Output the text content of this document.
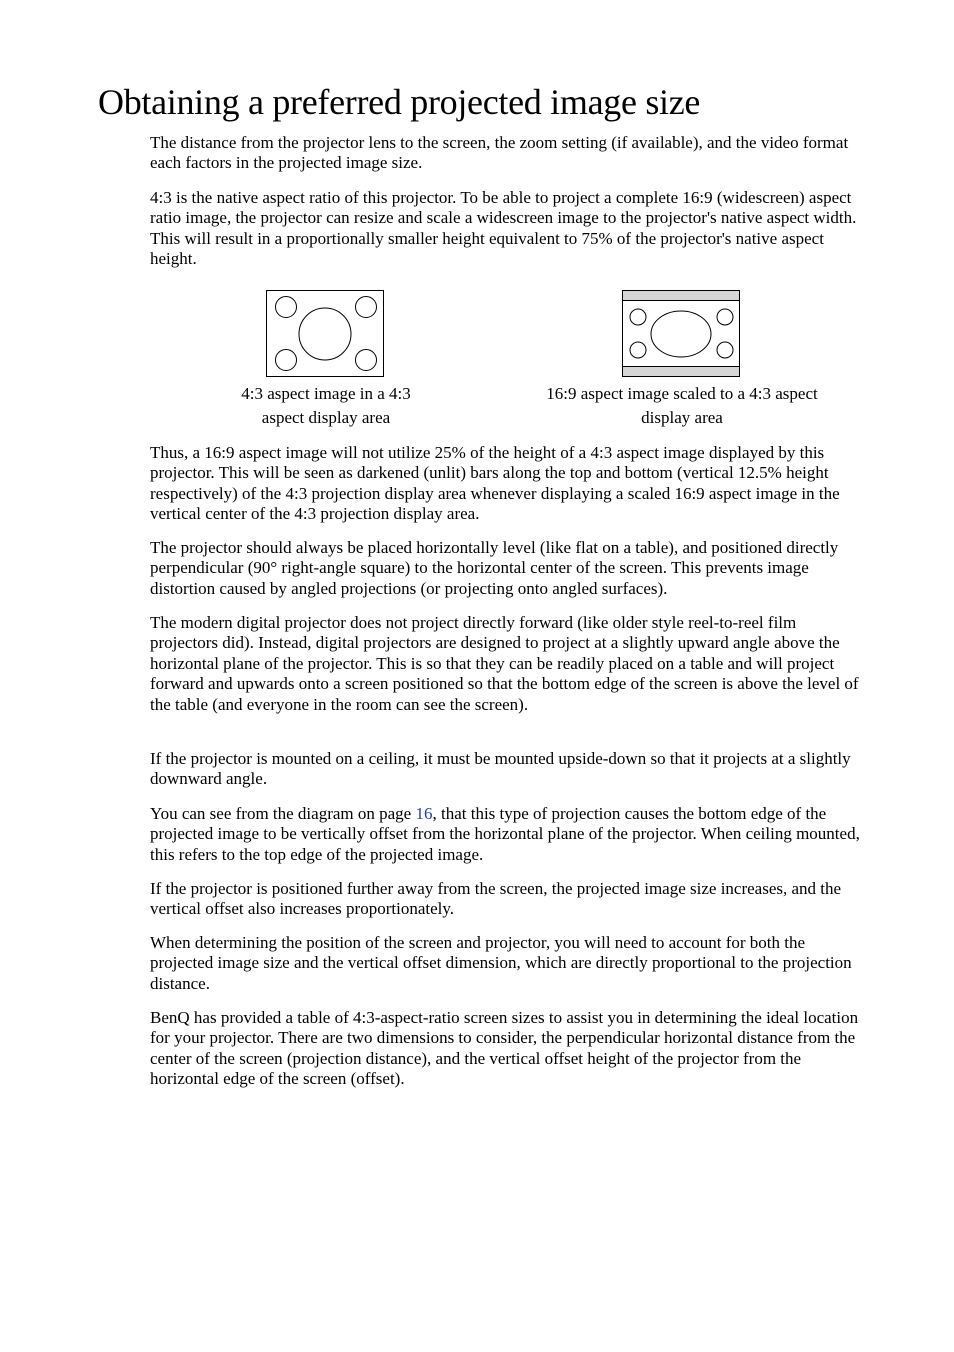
Obtaining a preferred projected image size

The distance from the projector lens to the screen, the zoom setting (if available), and the video format each factors in the projected image size.

4:3 is the native aspect ratio of this projector. To be able to project a complete 16:9 (widescreen) aspect ratio image, the projector can resize and scale a widescreen image to the projector's native aspect width. This will result in a proportionally smaller height equivalent to 75% of the projector's native aspect height.

4:3 aspect image in a 4:3
aspect display area
16:9 aspect image scaled to a 4:3 aspect
display area

Thus, a 16:9 aspect image will not utilize 25% of the height of a 4:3 aspect image displayed by this projector. This will be seen as darkened (unlit) bars along the top and bottom (vertical 12.5% height respectively) of the 4:3 projection display area whenever displaying a scaled 16:9 aspect image in the vertical center of the 4:3 projection display area.

The projector should always be placed horizontally level (like flat on a table), and positioned directly perpendicular (90° right-angle square) to the horizontal center of the screen. This prevents image distortion caused by angled projections (or projecting onto angled surfaces).

The modern digital projector does not project directly forward (like older style reel-to-reel film projectors did). Instead, digital projectors are designed to project at a slightly upward angle above the horizontal plane of the projector. This is so that they can be readily placed on a table and will project forward and upwards onto a screen positioned so that the bottom edge of the screen is above the level of the table (and everyone in the room can see the screen).

If the projector is mounted on a ceiling, it must be mounted upside-down so that it projects at a slightly downward angle.

You can see from the diagram on page 16, that this type of projection causes the bottom edge of the projected image to be vertically offset from the horizontal plane of the projector. When ceiling mounted, this refers to the top edge of the projected image.

If the projector is positioned further away from the screen, the projected image size increases, and the vertical offset also increases proportionately.

When determining the position of the screen and projector, you will need to account for both the projected image size and the vertical offset dimension, which are directly proportional to the projection distance.

BenQ has provided a table of 4:3-aspect-ratio screen sizes to assist you in determining the ideal location for your projector. There are two dimensions to consider, the perpendicular horizontal distance from the center of the screen (projection distance), and the vertical offset height of the projector from the horizontal edge of the screen (offset).
